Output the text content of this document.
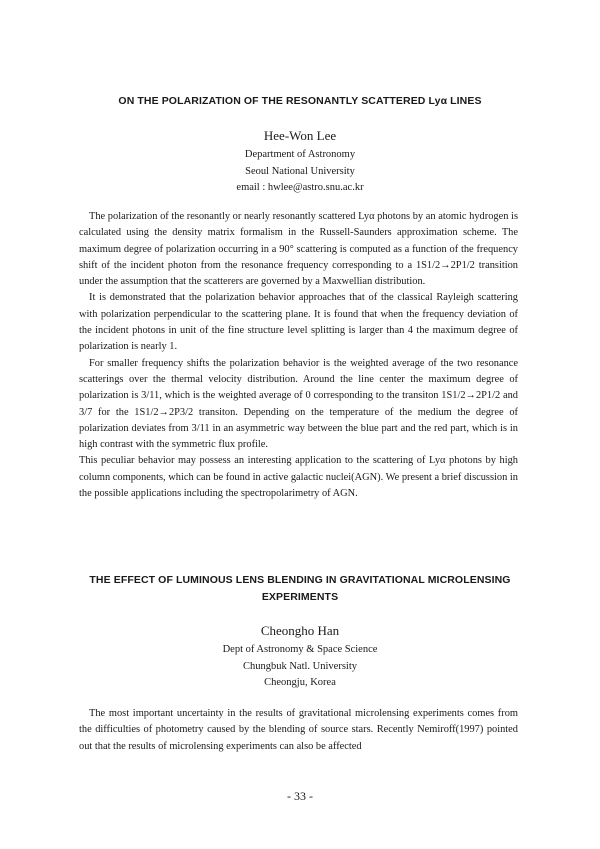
ON THE POLARIZATION OF THE RESONANTLY SCATTERED Lyα LINES
Hee-Won Lee
Department of Astronomy
Seoul National University
email : hwlee@astro.snu.ac.kr

The polarization of the resonantly or nearly resonantly scattered Lyα photons by an atomic hydrogen is calculated using the density matrix formalism in the Russell-Saunders approximation scheme. The maximum degree of polarization occurring in a 90° scattering is computed as a function of the frequency shift of the incident photon from the resonance frequency corresponding to a 1S1/2→2P1/2 transition under the assumption that the scatterers are governed by a Maxwellian distribution.

It is demonstrated that the polarization behavior approaches that of the classical Rayleigh scattering with polarization perpendicular to the scattering plane. It is found that when the frequency deviation of the incident photons in unit of the fine structure level splitting is larger than 4 the maximum degree of polarization is nearly 1.

For smaller frequency shifts the polarization behavior is the weighted average of the two resonance scatterings over the thermal velocity distribution. Around the line center the maximum degree of polarization is 3/11, which is the weighted average of 0 corresponding to the transiton 1S1/2→2P1/2 and 3/7 for the 1S1/2→2P3/2 transiton. Depending on the temperature of the medium the degree of polarization deviates from 3/11 in an asymmetric way between the blue part and the red part, which is in high contrast with the symmetric flux profile.

This peculiar behavior may possess an interesting application to the scattering of Lyα photons by high column components, which can be found in active galactic nuclei(AGN). We present a brief discussion in the possible applications including the spectropolarimetry of AGN.

THE EFFECT OF LUMINOUS LENS BLENDING IN GRAVITATIONAL MICROLENSING
EXPERIMENTS
Cheongho Han
Dept of Astronomy & Space Science
Chungbuk Natl. University
Cheongju, Korea

The most important uncertainty in the results of gravitational microlensing experiments comes from the difficulties of photometry caused by the blending of source stars. Recently Nemiroff(1997) pointed out that the results of microlensing experiments can also be affected

- 33 -
